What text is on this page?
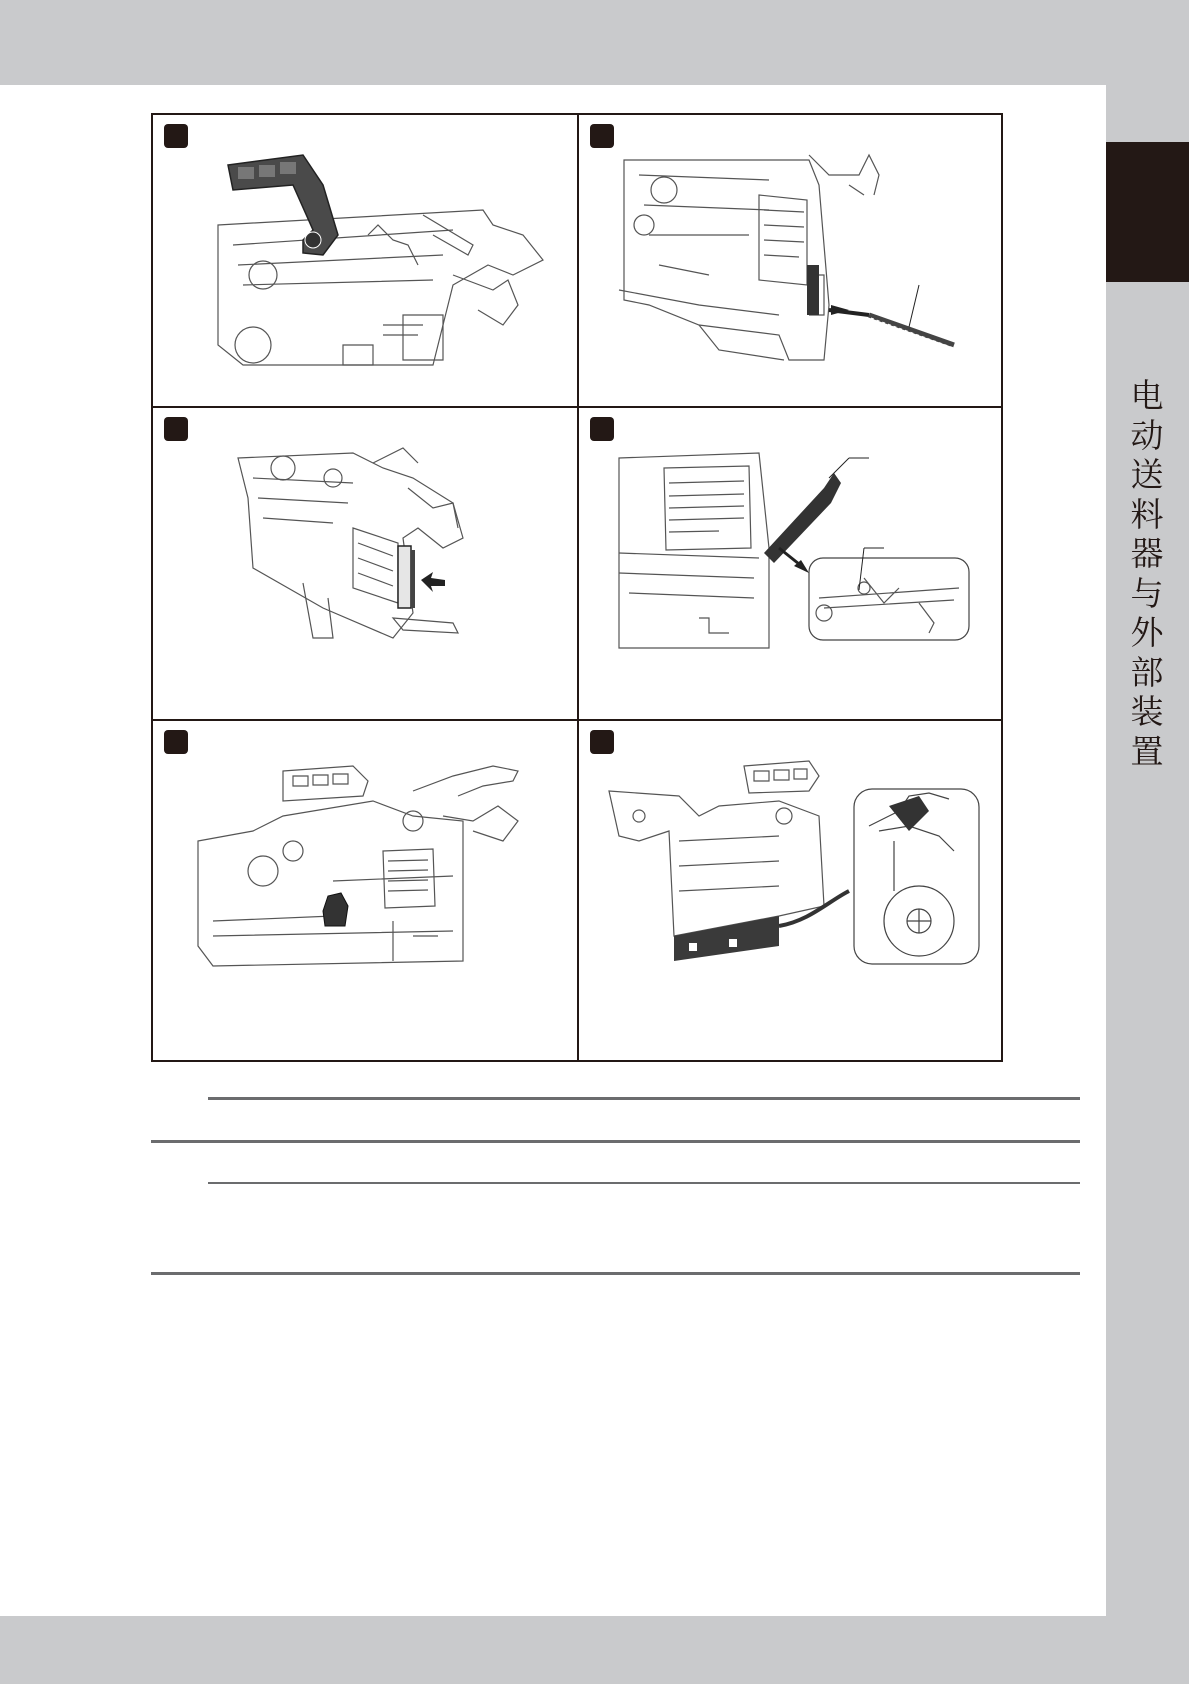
电动送料器与外部装置
